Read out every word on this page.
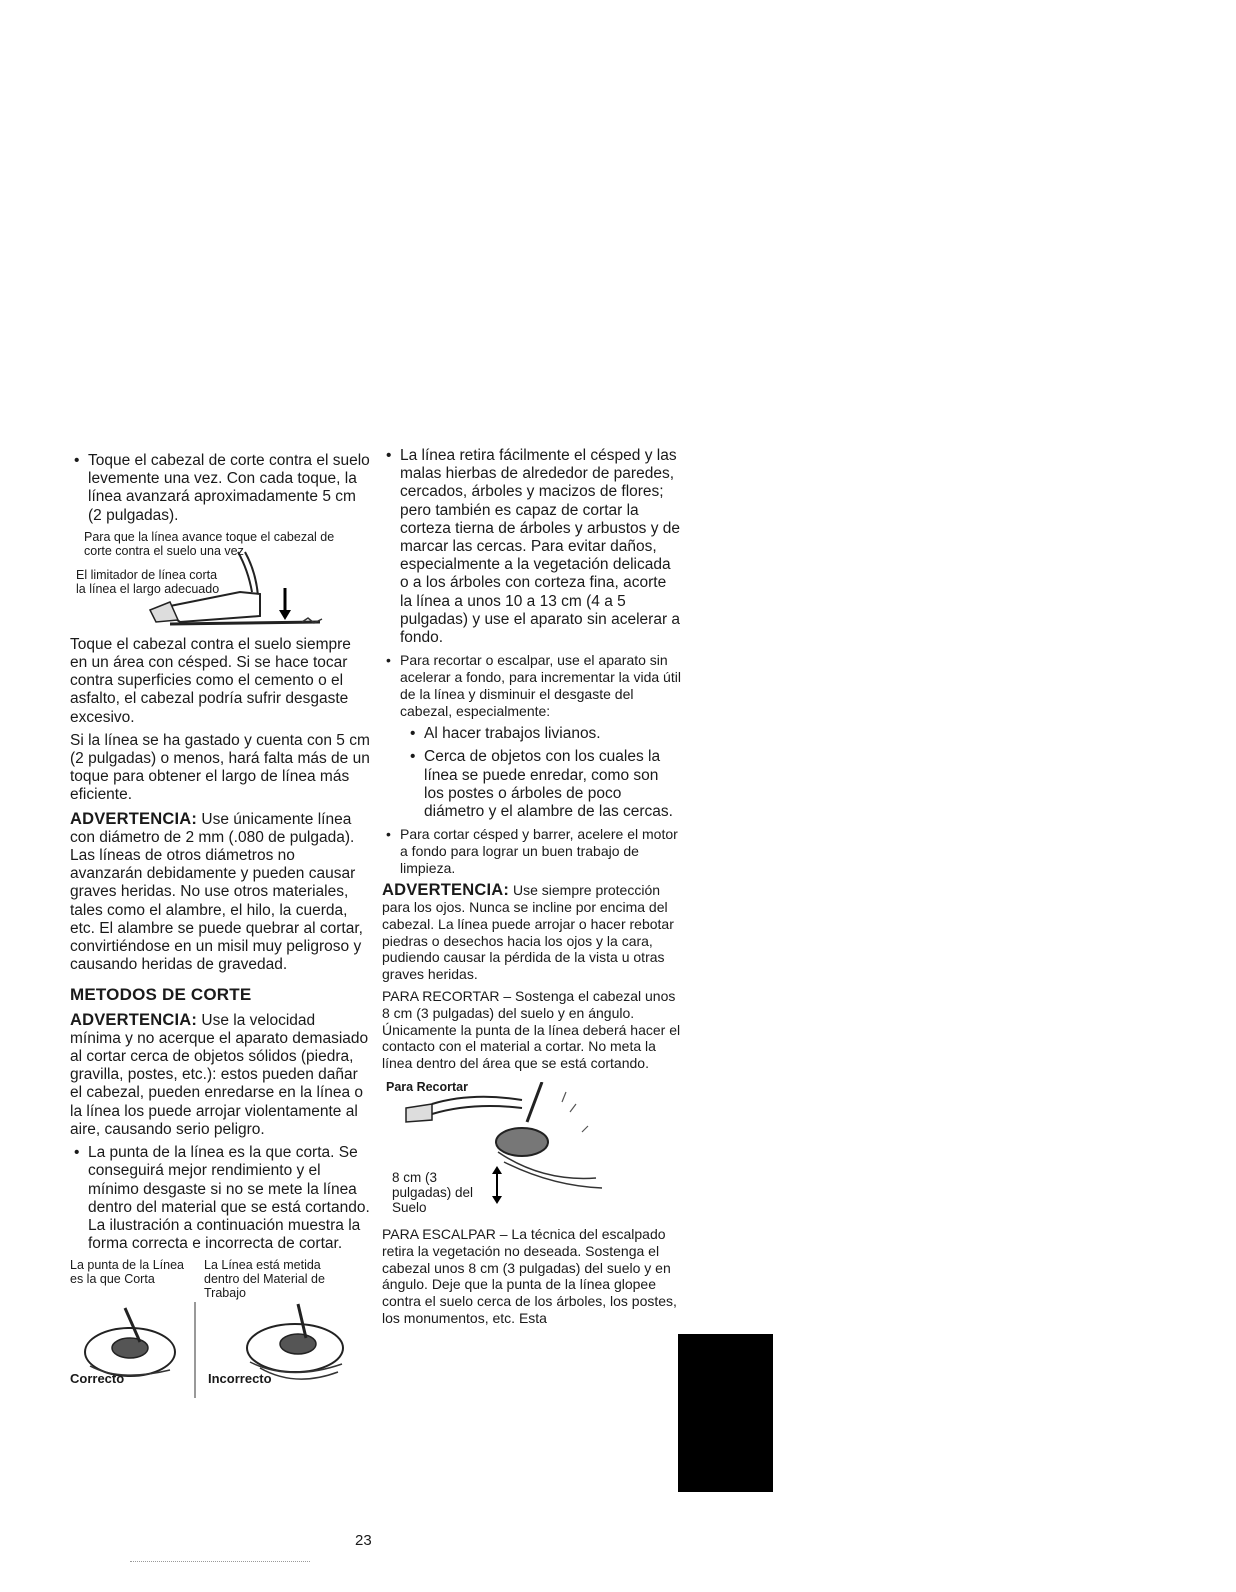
• Toque el cabezal de corte contra el suelo levemente una vez. Con cada toque, la línea avanzará aproximadamente 5 cm (2 pulgadas).
Para que la línea avance toque el cabezal de corte contra el suelo una vez
El limitador de línea corta la línea el largo adecuado

Toque el cabezal contra el suelo siempre en un área con césped. Si se hace tocar contra superficies como el cemento o el asfalto, el cabezal podría sufrir desgaste excesivo.

Si la línea se ha gastado y cuenta con 5 cm (2 pulgadas) o menos, hará falta más de un toque para obtener el largo de línea más eficiente.

ADVERTENCIA: Use únicamente línea con diámetro de 2 mm (.080 de pulgada). Las líneas de otros diámetros no avanzarán debidamente y pueden causar graves heridas. No use otros materiales, tales como el alambre, el hilo, la cuerda, etc. El alambre se puede quebrar al cortar, convirtiéndose en un misil muy peligroso y causando heridas de gravedad.

METODOS DE CORTE

ADVERTENCIA: Use la velocidad mínima y no acerque el aparato demasiado al cortar cerca de objetos sólidos (piedra, gravilla, postes, etc.): estos pueden dañar el cabezal, pueden enredarse en la línea o la línea los puede arrojar violentamente al aire, causando serio peligro.

• La punta de la línea es la que corta. Se conseguirá mejor rendimiento y el mínimo desgaste si no se mete la línea dentro del material que se está cortando. La ilustración a continuación muestra la forma correcta e incorrecta de cortar.
La punta de la Línea es la que Corta
La Línea está metida dentro del Material de Trabajo
Correcto	Incorrecto
• La línea retira fácilmente el césped y las malas hierbas de alrededor de paredes, cercados, árboles y macizos de flores; pero también es capaz de cortar la corteza tierna de árboles y arbustos y de marcar las cercas. Para evitar daños, especialmente a la vegetación delicada o a los árboles con corteza fina, acorte la línea a unos 10 a 13 cm (4 a 5 pulgadas) y use el aparato sin acelerar a fondo.
• Para recortar o escalpar, use el aparato sin acelerar a fondo, para incrementar la vida útil de la línea y disminuir el desgaste del cabezal, especialmente:
• Al hacer trabajos livianos.
• Cerca de objetos con los cuales la línea se puede enredar, como son los postes o árboles de poco diámetro y el alambre de las cercas.
• Para cortar césped y barrer, acelere el motor a fondo para lograr un buen trabajo de limpieza.

ADVERTENCIA: Use siempre protección para los ojos. Nunca se incline por encima del cabezal. La línea puede arrojar o hacer rebotar piedras o desechos hacia los ojos y la cara, pudiendo causar la pérdida de la vista u otras graves heridas.

PARA RECORTAR – Sostenga el cabezal unos 8 cm (3 pulgadas) del suelo y en ángulo. Únicamente la punta de la línea deberá hacer el contacto con el material a cortar. No meta la línea dentro del área que se está cortando.

Para Recortar
8 cm (3 pulgadas) del Suelo

PARA ESCALPAR – La técnica del escalpado retira la vegetación no deseada. Sostenga el cabezal unos 8 cm (3 pulgadas) del suelo y en ángulo. Deje que la punta de la línea glopee contra el suelo cerca de los árboles, los postes, los monumentos, etc. Esta

23
